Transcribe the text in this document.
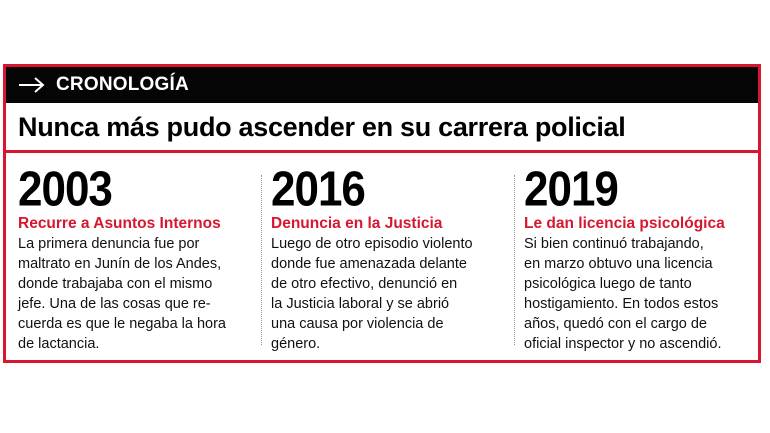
CRONOLOGÍA
Nunca más pudo ascender en su carrera policial
2003
Recurre a Asuntos Internos
La primera denuncia fue por
maltrato en Junín de los Andes,
donde trabajaba con el mismo
jefe. Una de las cosas que re-
cuerda es que le negaba la hora
de lactancia.
2016
Denuncia en la Justicia
Luego de otro episodio violento
donde fue amenazada delante
de otro efectivo, denunció en
la Justicia laboral y se abrió
una causa por violencia de
género.
2019
Le dan licencia psicológica
Si bien continuó trabajando,
en marzo obtuvo una licencia
psicológica luego de tanto
hostigamiento. En todos estos
años, quedó con el cargo de
oficial inspector y no ascendió.
